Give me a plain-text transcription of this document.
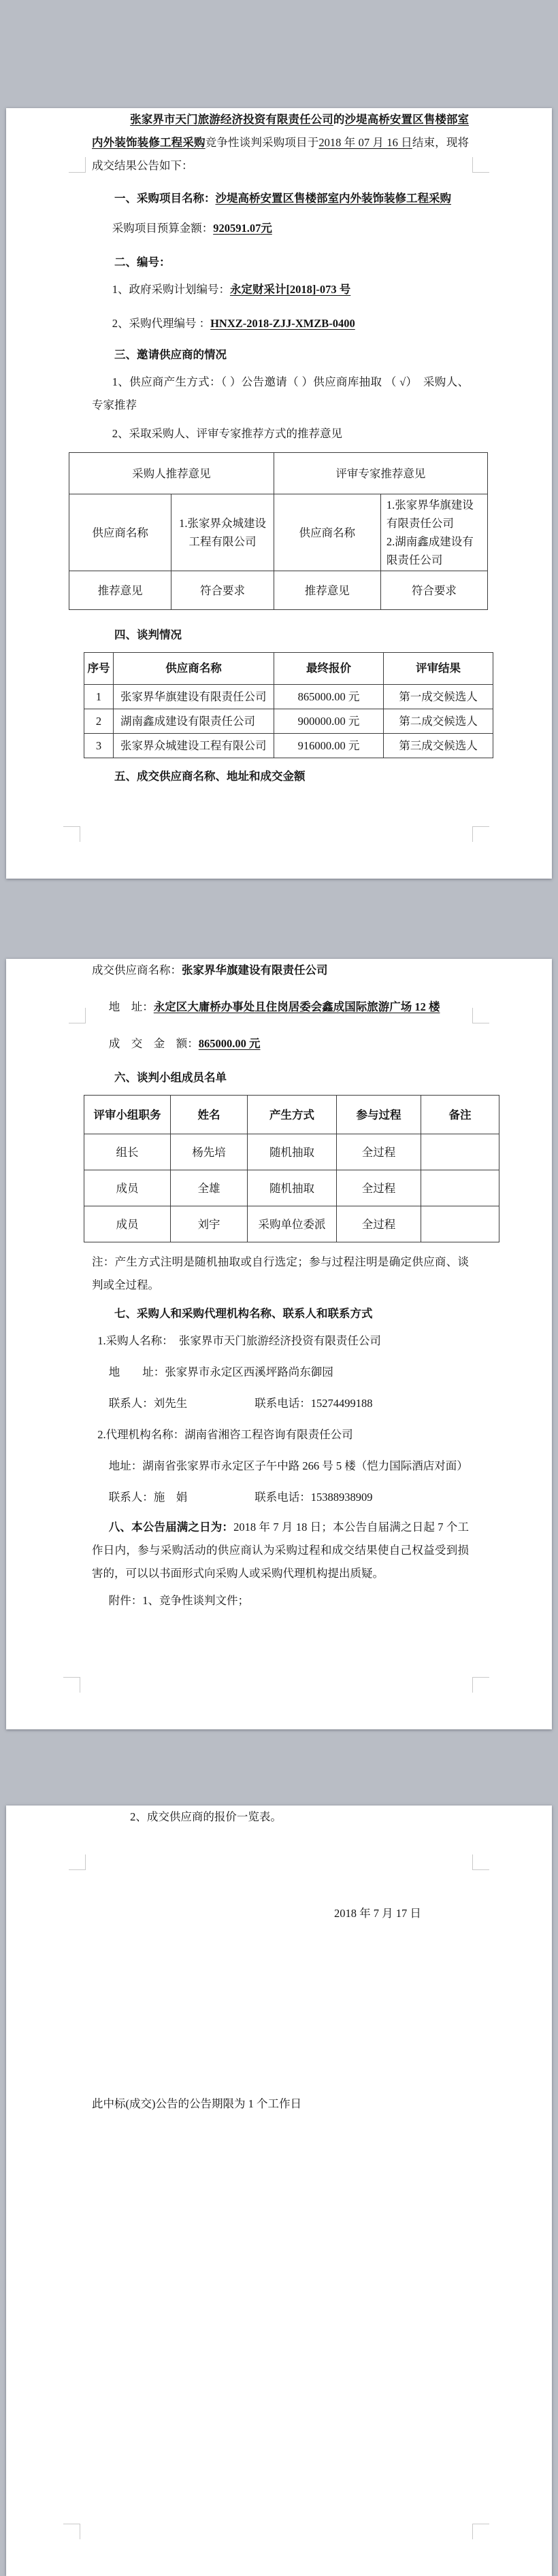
张家界市天门旅游经济投资有限责任公司的沙堤高桥安置区售楼部室内外装饰装修工程采购竞争性谈判采购项目于2018 年 07 月 16 日结束，现将成交结果公告如下：

一、采购项目名称：沙堤高桥安置区售楼部室内外装饰装修工程采购

采购项目预算金额：920591.07元

二、编号：

1、政府采购计划编号：永定财采计[2018]-073 号

2、采购代理编号 ：HNXZ-2018-ZJJ-XMZB-0400

三、邀请供应商的情况

1、供应商产生方式：（ ）公告邀请（ ）供应商库抽取 （ √）　采购人、专家推荐

2、采取采购人、评审专家推荐方式的推荐意见

采购人推荐意见		评审专家推荐意见	
供应商名称	1.张家界众城建设工程有限公司	供应商名称	1.张家界华旗建设有限责任公司
2.湖南鑫成建设有限责任公司
推荐意见	符合要求	推荐意见	符合要求

四、谈判情况

序号	供应商名称	最终报价	评审结果
1	张家界华旗建设有限责任公司	865000.00 元	第一成交候选人
2	湖南鑫成建设有限责任公司	900000.00 元	第二成交候选人
3	张家界众城建设工程有限公司	916000.00 元	第三成交候选人

五、成交供应商名称、地址和成交金额

成交供应商名称：张家界华旗建设有限责任公司

地　址：永定区大庸桥办事处且住岗居委会鑫成国际旅游广场 12 楼

成　交　金　额：865000.00 元

六、谈判小组成员名单

评审小组职务	姓名	产生方式	参与过程	备注
组长	杨先培	随机抽取	全过程	
成员	全雄	随机抽取	全过程	
成员	刘宇	采购单位委派	全过程	

注：产生方式注明是随机抽取或自行选定；参与过程注明是确定供应商、谈判或全过程。

七、采购人和采购代理机构名称、联系人和联系方式

1.采购人名称：　张家界市天门旅游经济投资有限责任公司

地　　址：张家界市永定区西溪坪路尚东御园

联系人：刘先生　　　　　　联系电话：15274499188

2.代理机构名称：湖南省湘咨工程咨询有限责任公司

地址：湖南省张家界市永定区子午中路 266 号 5 楼（恺力国际酒店对面）

联系人：施　娟　　　　　　联系电话：15388938909

八、本公告届满之日为：2018 年 7 月 18 日；本公告自届满之日起 7 个工作日内，参与采购活动的供应商认为采购过程和成交结果使自己权益受到损害的，可以以书面形式向采购人或采购代理机构提出质疑。

附件：1、竞争性谈判文件；

2、成交供应商的报价一览表。

2018 年 7 月 17 日

此中标(成交)公告的公告期限为 1 个工作日
